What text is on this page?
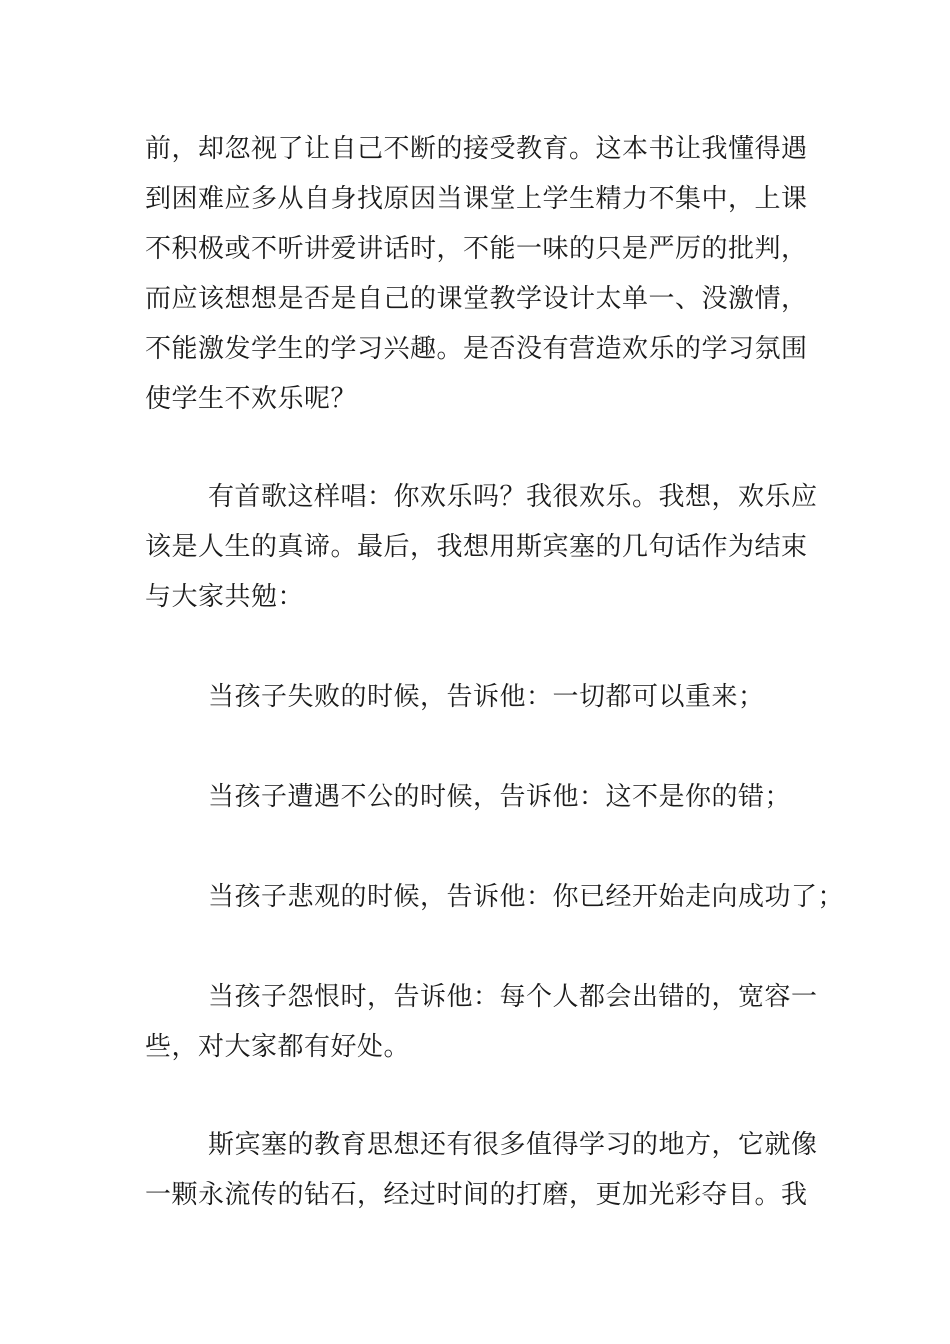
前，却忽视了让自己不断的接受教育。这本书让我懂得遇
到困难应多从自身找原因当课堂上学生精力不集中，上课
不积极或不听讲爱讲话时，不能一味的只是严厉的批判，
而应该想想是否是自己的课堂教学设计太单一、没激情，
不能激发学生的学习兴趣。是否没有营造欢乐的学习氛围
使学生不欢乐呢？
有首歌这样唱：你欢乐吗？我很欢乐。我想，欢乐应
该是人生的真谛。最后，我想用斯宾塞的几句话作为结束
与大家共勉：
当孩子失败的时候，告诉他：一切都可以重来；
当孩子遭遇不公的时候，告诉他：这不是你的错；
当孩子悲观的时候，告诉他：你已经开始走向成功了；
当孩子怨恨时，告诉他：每个人都会出错的，宽容一
些，对大家都有好处。
斯宾塞的教育思想还有很多值得学习的地方，它就像
一颗永流传的钻石，经过时间的打磨，更加光彩夺目。我
